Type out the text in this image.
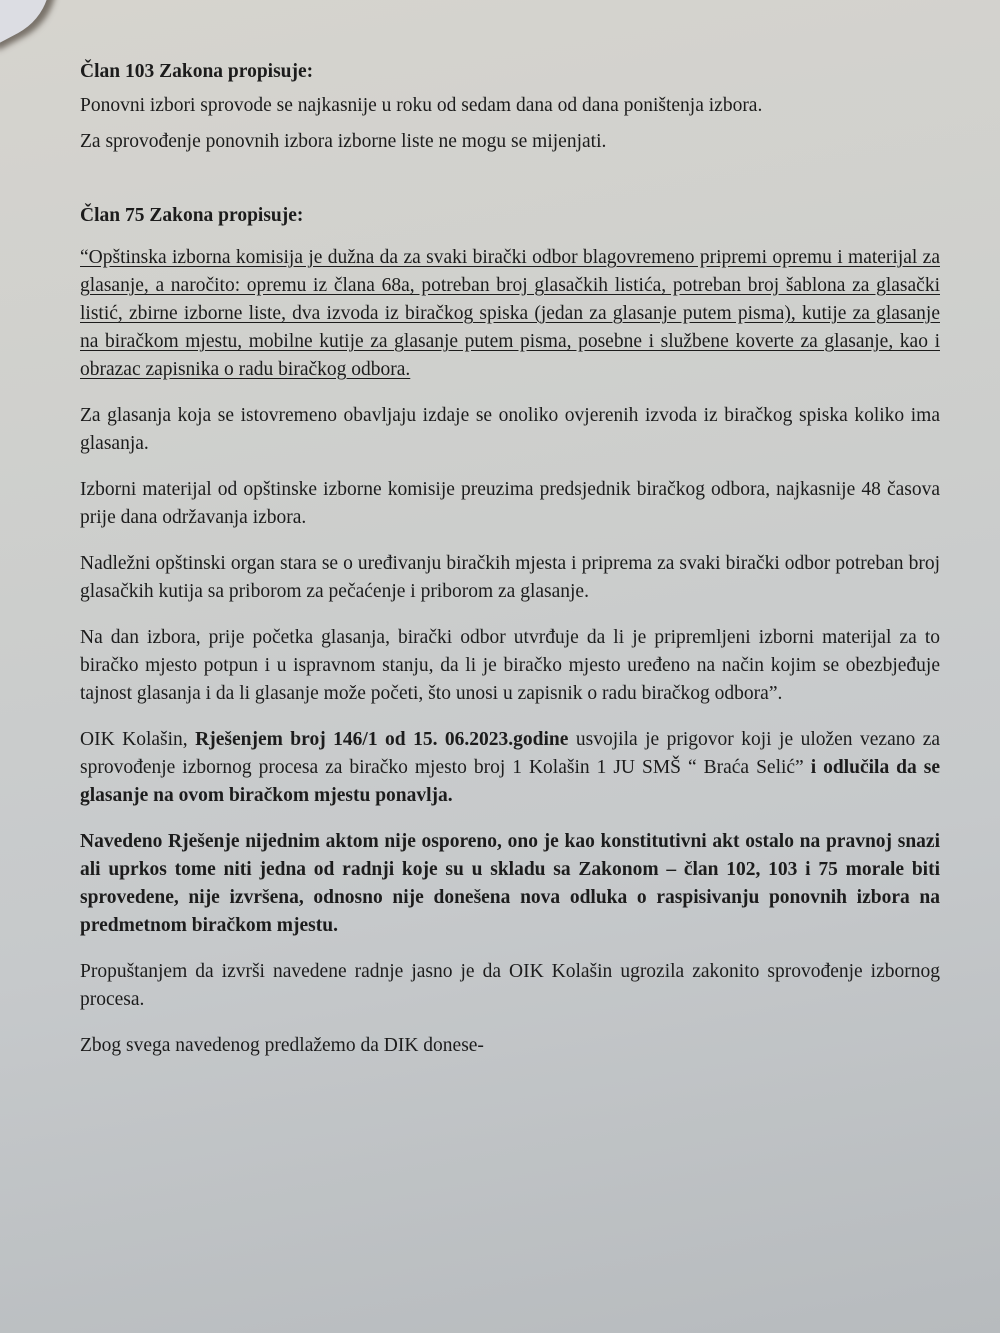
Član 103 Zakona propisuje:

Ponovni izbori sprovode se najkasnije u roku od sedam dana od dana poništenja izbora.

Za sprovođenje ponovnih izbora izborne liste ne mogu se mijenjati.

Član 75 Zakona propisuje:

“Opštinska izborna komisija je dužna da za svaki birački odbor blagovremeno pripremi opremu i materijal za glasanje, a naročito: opremu iz člana 68a, potreban broj glasačkih listića, potreban broj šablona za glasački listić, zbirne izborne liste, dva izvoda iz biračkog spiska (jedan za glasanje putem pisma), kutije za glasanje na biračkom mjestu, mobilne kutije za glasanje putem pisma, posebne i službene koverte za glasanje, kao i obrazac zapisnika o radu biračkog odbora.

Za glasanja koja se istovremeno obavljaju izdaje se onoliko ovjerenih izvoda iz biračkog spiska koliko ima glasanja.

Izborni materijal od opštinske izborne komisije preuzima predsjednik biračkog odbora, najkasnije 48 časova prije dana održavanja izbora.

Nadležni opštinski organ stara se o uređivanju biračkih mjesta i priprema za svaki birački odbor potreban broj glasačkih kutija sa priborom za pečaćenje i priborom za glasanje.

Na dan izbora, prije početka glasanja, birački odbor utvrđuje da li je pripremljeni izborni materijal za to biračko mjesto potpun i u ispravnom stanju, da li je biračko mjesto uređeno na način kojim se obezbjeđuje tajnost glasanja i da li glasanje može početi, što unosi u zapisnik o radu biračkog odbora”.

OIK Kolašin, Rješenjem broj 146/1 od 15. 06.2023.godine usvojila je prigovor koji je uložen vezano za sprovođenje izbornog procesa za biračko mjesto broj 1 Kolašin 1 JU SMŠ “ Braća Selić” i odlučila da se glasanje na ovom biračkom mjestu ponavlja.

Navedeno Rješenje nijednim aktom nije osporeno, ono je kao konstitutivni akt ostalo na pravnoj snazi ali uprkos tome niti jedna od radnji koje su u skladu sa Zakonom – član 102, 103 i 75 morale biti sprovedene, nije izvršena, odnosno nije donešena nova odluka o raspisivanju ponovnih izbora na predmetnom biračkom mjestu.

Propuštanjem da izvrši navedene radnje jasno je da OIK Kolašin ugrozila zakonito sprovođenje izbornog procesa.

Zbog svega navedenog predlažemo da DIK donese-
